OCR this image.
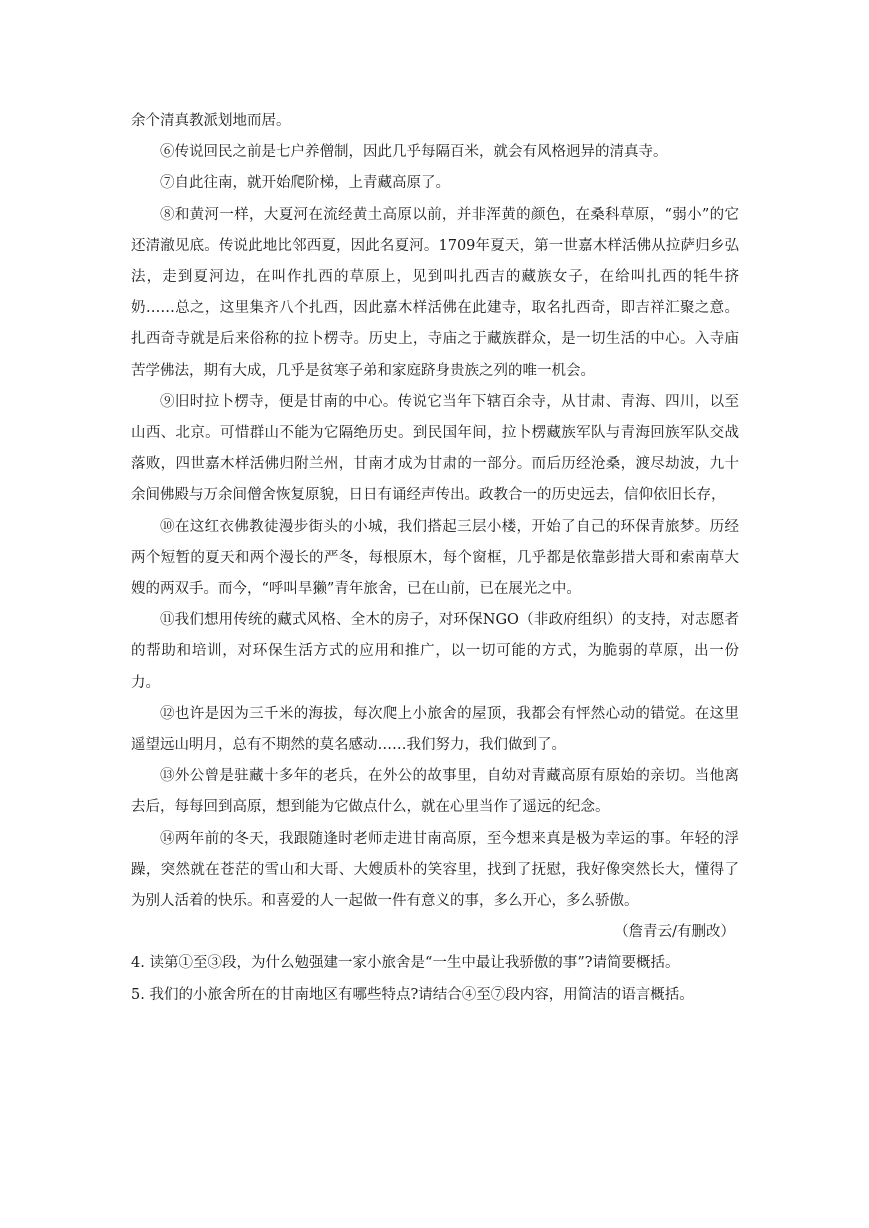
余个清真教派划地而居。

⑥传说回民之前是七户养僧制，因此几乎每隔百米，就会有风格迥异的清真寺。

⑦自此往南，就开始爬阶梯，上青藏高原了。

⑧和黄河一样，大夏河在流经黄土高原以前，并非浑黄的颜色，在桑科草原，“弱小”的它还清澈见底。传说此地比邻西夏，因此名夏河。1709年夏天，第一世嘉木样活佛从拉萨归乡弘法，走到夏河边，在叫作扎西的草原上，见到叫扎西吉的藏族女子，在给叫扎西的牦牛挤奶……总之，这里集齐八个扎西，因此嘉木样活佛在此建寺，取名扎西奇，即吉祥汇聚之意。扎西奇寺就是后来俗称的拉卜楞寺。历史上，寺庙之于藏族群众，是一切生活的中心。入寺庙苦学佛法，期有大成，几乎是贫寒子弟和家庭跻身贵族之列的唯一机会。

⑨旧时拉卜楞寺，便是甘南的中心。传说它当年下辖百余寺，从甘肃、青海、四川，以至山西、北京。可惜群山不能为它隔绝历史。到民国年间，拉卜楞藏族军队与青海回族军队交战落败，四世嘉木样活佛归附兰州，甘南才成为甘肃的一部分。而后历经沧桑，渡尽劫波，九十余间佛殿与万余间僧舍恢复原貌，日日有诵经声传出。政教合一的历史远去，信仰依旧长存，

⑩在这红衣佛教徒漫步街头的小城，我们搭起三层小楼，开始了自己的环保青旅梦。历经两个短暂的夏天和两个漫长的严冬，每根原木，每个窗框，几乎都是依靠彭措大哥和索南草大嫂的两双手。而今，“呼叫旱獭”青年旅舍，已在山前，已在展光之中。

⑪我们想用传统的藏式风格、全木的房子，对环保NGO（非政府组织）的支持，对志愿者的帮助和培训，对环保生活方式的应用和推广，以一切可能的方式，为脆弱的草原，出一份力。

⑫也许是因为三千米的海拔，每次爬上小旅舍的屋顶，我都会有怦然心动的错觉。在这里遥望远山明月，总有不期然的莫名感动……我们努力，我们做到了。

⑬外公曾是驻藏十多年的老兵，在外公的故事里，自幼对青藏高原有原始的亲切。当他离去后，每每回到高原，想到能为它做点什么，就在心里当作了遥远的纪念。

⑭两年前的冬天，我跟随逢时老师走进甘南高原，至今想来真是极为幸运的事。年轻的浮躁，突然就在苍茫的雪山和大哥、大嫂质朴的笑容里，找到了抚慰，我好像突然长大，懂得了为别人活着的快乐。和喜爱的人一起做一件有意义的事，多么开心，多么骄傲。

（詹青云/有删改）

4. 读第①至③段，为什么勉强建一家小旅舍是“一生中最让我骄傲的事”?请简要概括。

5. 我们的小旅舍所在的甘南地区有哪些特点?请结合④至⑦段内容，用简洁的语言概括。
